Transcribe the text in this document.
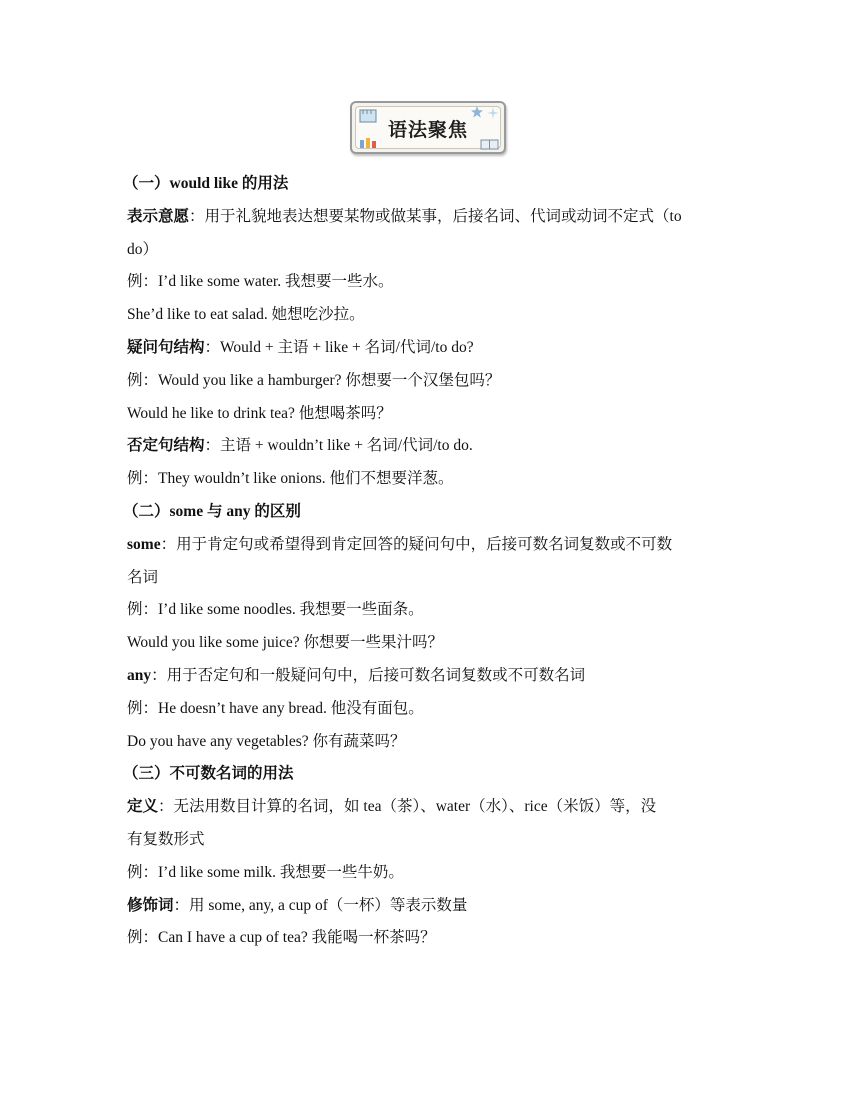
语法聚焦
（一）would like 的用法
表示意愿：用于礼貌地表达想要某物或做某事，后接名词、代词或动词不定式（to
do）
例：I’d like some water. 我想要一些水。
She’d like to eat salad. 她想吃沙拉。
疑问句结构：Would + 主语 + like + 名词/代词/to do?
例：Would you like a hamburger? 你想要一个汉堡包吗？
Would he like to drink tea? 他想喝茶吗？
否定句结构：主语 + wouldn’t like + 名词/代词/to do.
例：They wouldn’t like onions. 他们不想要洋葱。
（二）some 与 any 的区别
some：用于肯定句或希望得到肯定回答的疑问句中，后接可数名词复数或不可数
名词
例：I’d like some noodles. 我想要一些面条。
Would you like some juice? 你想要一些果汁吗？
any：用于否定句和一般疑问句中，后接可数名词复数或不可数名词
例：He doesn’t have any bread. 他没有面包。
Do you have any vegetables? 你有蔬菜吗？
（三）不可数名词的用法
定义：无法用数目计算的名词，如 tea（茶）、water（水）、rice（米饭）等，没
有复数形式
例：I’d like some milk. 我想要一些牛奶。
修饰词：用 some, any, a cup of（一杯）等表示数量
例：Can I have a cup of tea? 我能喝一杯茶吗？
